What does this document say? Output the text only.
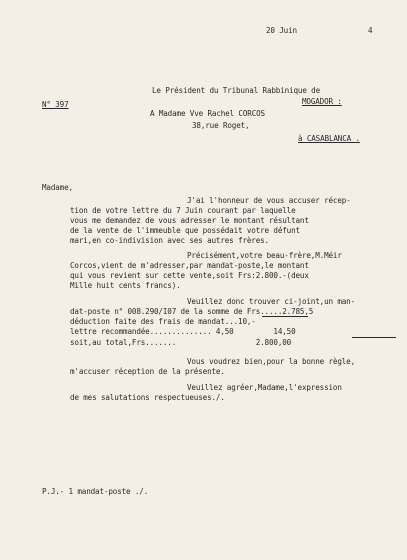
20 Juin	4
Le Président du Tribunal Rabbinique de
MOGADOR :
N° 397
A Madame Vve Rachel CORCOS
38,rue Roget,
à CASABLANCA .
Madame,
J'ai l'honneur de vous accuser récep-
tion de votre lettre du 7 Juin courant par laquelle
vous me demandez de vous adresser le montant résultant
de la vente de l'immeuble que possédait votre défunt
mari,en co-indivision avec ses autres frères.
Précisément,votre beau-frère,M.Méir
Corcos,vient de m'adresser,par mandat-poste,le montant
qui vous revient sur cette vente,soit Frs:2.800.-(deux
Mille huit cents francs).
Veuillez donc trouver ci-joint,un man-
dat-poste n° 008.290/I07 de la somme de Frs.....2.785,5
déduction faite des frais de mandat...10,-
lettre recommandée.............. 4,50         14,50
soit,au total,Frs.......                  2.800,00
Vous voudrez bien,pour la bonne règle,
m'accuser réception de la présente.
Veuillez agréer,Madame,l'expression
de mes salutations respectueuses./.
P.J.- 1 mandat-poste ./.
